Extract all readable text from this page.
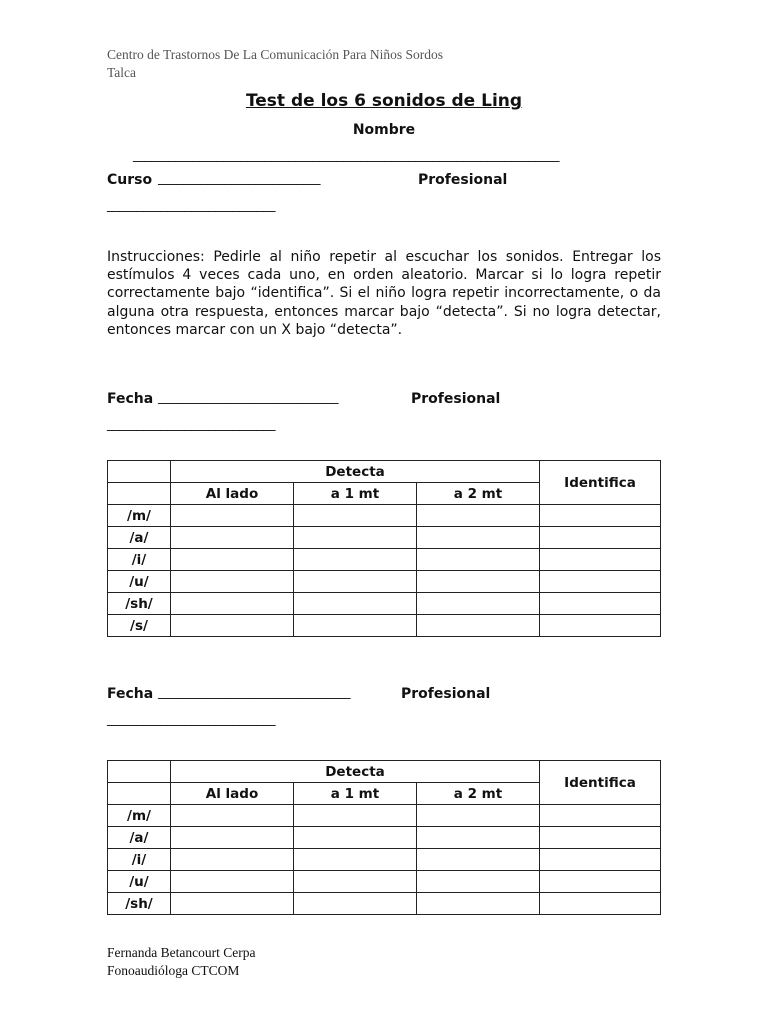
Centro de Trastornos De La Comunicación Para Niños Sordos
Talca
Test de los 6 sonidos de Ling
Nombre
_______________________________________________________________________
Curso ___________________________	Profesional
____________________________
Instrucciones: Pedirle al niño repetir al escuchar los sonidos. Entregar los estímulos 4 veces cada uno, en orden aleatorio. Marcar si lo logra repetir correctamente bajo “identifica”. Si el niño logra repetir incorrectamente, o da alguna otra respuesta, entonces marcar bajo “detecta”. Si no logra detectar, entonces marcar con un X bajo “detecta”.
Fecha ______________________________	Profesional
____________________________
	Detecta			Identifica
	Al lado	a 1 mt	a 2 mt	
/m/				
/a/				
/i/				
/u/				
/sh/				
/s/				
Fecha ________________________________	Profesional
____________________________
	Detecta			Identifica
	Al lado	a 1 mt	a 2 mt	
/m/				
/a/				
/i/				
/u/				
/sh/				
Fernanda Betancourt Cerpa
Fonoaudióloga CTCOM
